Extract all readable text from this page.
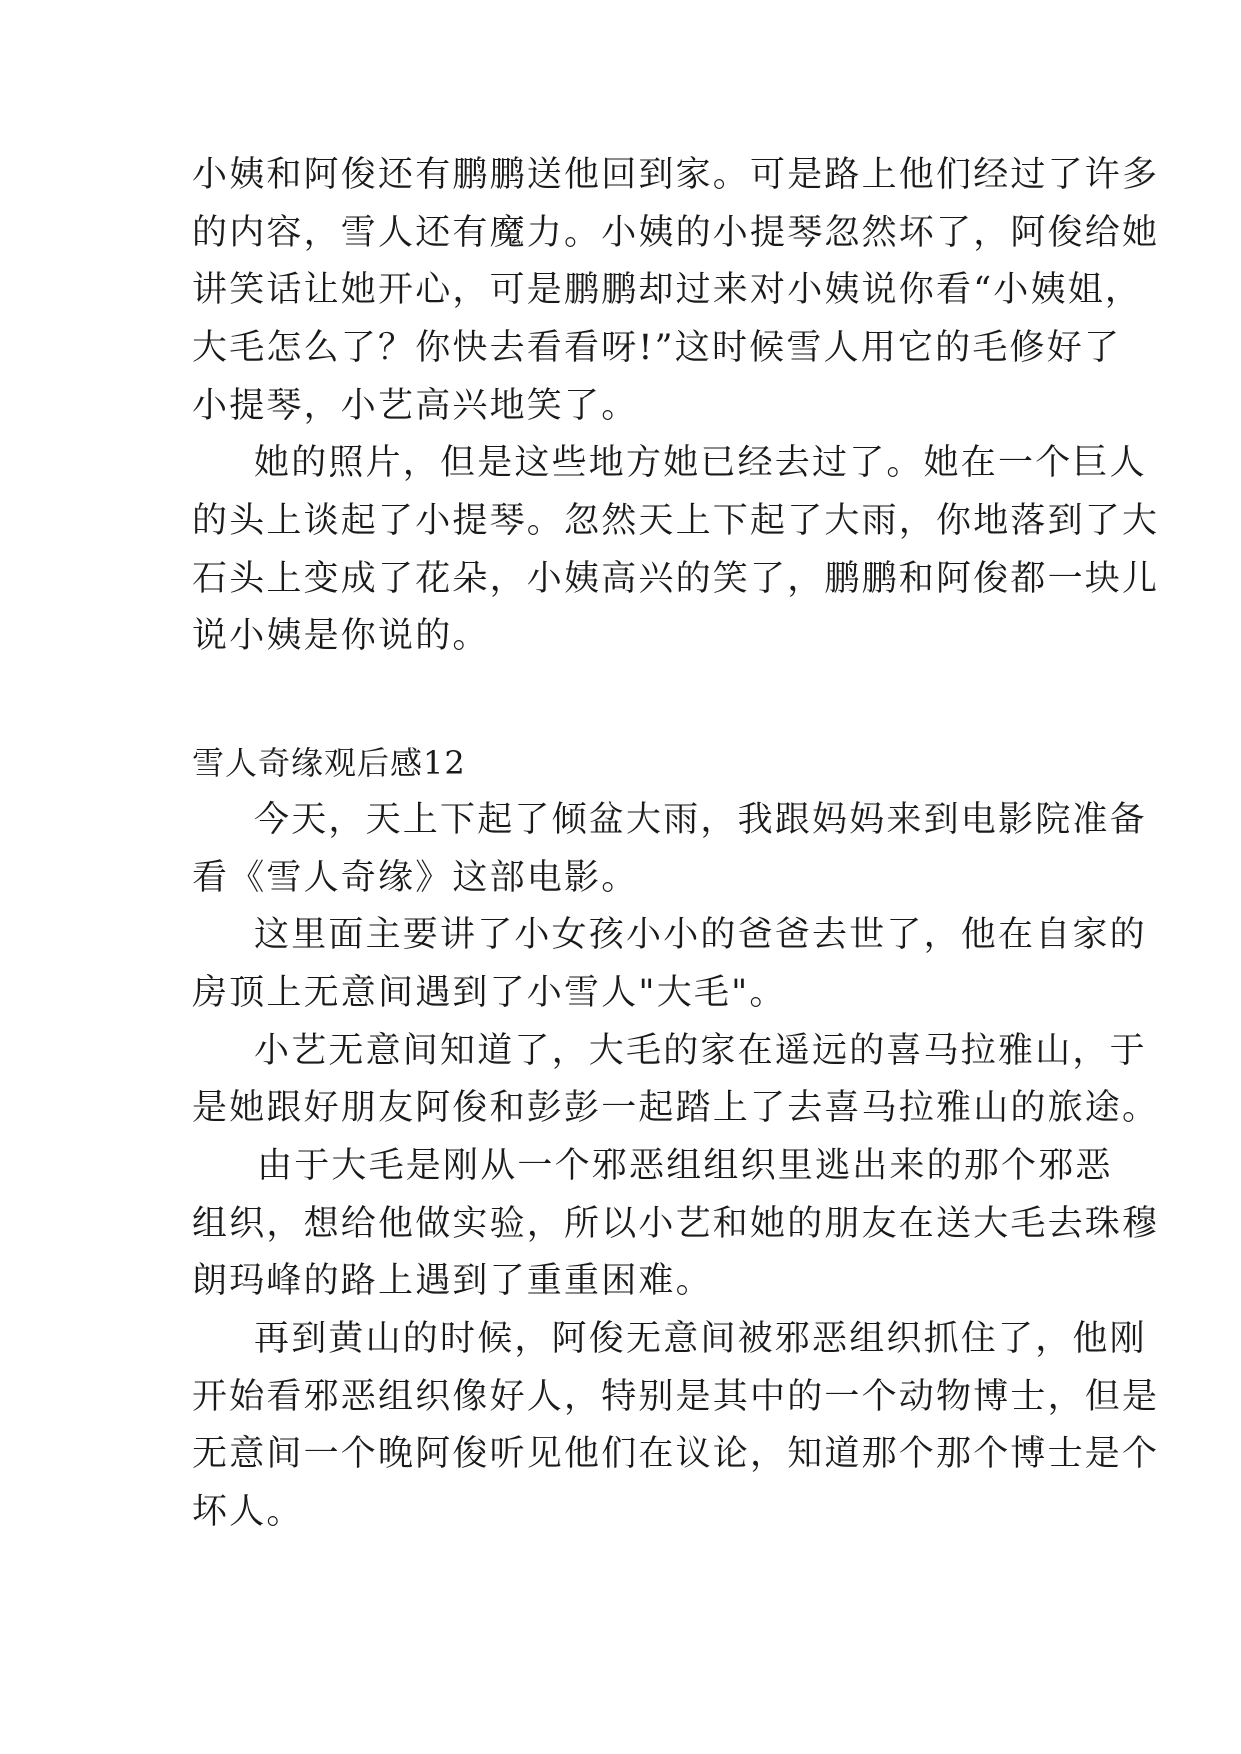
小姨和阿俊还有鹏鹏送他回到家。可是路上他们经过了许多
的内容，雪人还有魔力。小姨的小提琴忽然坏了，阿俊给她
讲笑话让她开心，可是鹏鹏却过来对小姨说你看“小姨姐，
大毛怎么了？你快去看看呀!”这时候雪人用它的毛修好了
小提琴，小艺高兴地笑了。
她的照片，但是这些地方她已经去过了。她在一个巨人
的头上谈起了小提琴。忽然天上下起了大雨，你地落到了大
石头上变成了花朵，小姨高兴的笑了，鹏鹏和阿俊都一块儿
说小姨是你说的。
雪人奇缘观后感12
今天，天上下起了倾盆大雨，我跟妈妈来到电影院准备
看《雪人奇缘》这部电影。
这里面主要讲了小女孩小小的爸爸去世了，他在自家的
房顶上无意间遇到了小雪人"大毛"。
小艺无意间知道了，大毛的家在遥远的喜马拉雅山，于
是她跟好朋友阿俊和彭彭一起踏上了去喜马拉雅山的旅途。
由于大毛是刚从一个邪恶组组织里逃出来的那个邪恶
组织，想给他做实验，所以小艺和她的朋友在送大毛去珠穆
朗玛峰的路上遇到了重重困难。
再到黄山的时候，阿俊无意间被邪恶组织抓住了，他刚
开始看邪恶组织像好人，特别是其中的一个动物博士，但是
无意间一个晚阿俊听见他们在议论，知道那个那个博士是个
坏人。
